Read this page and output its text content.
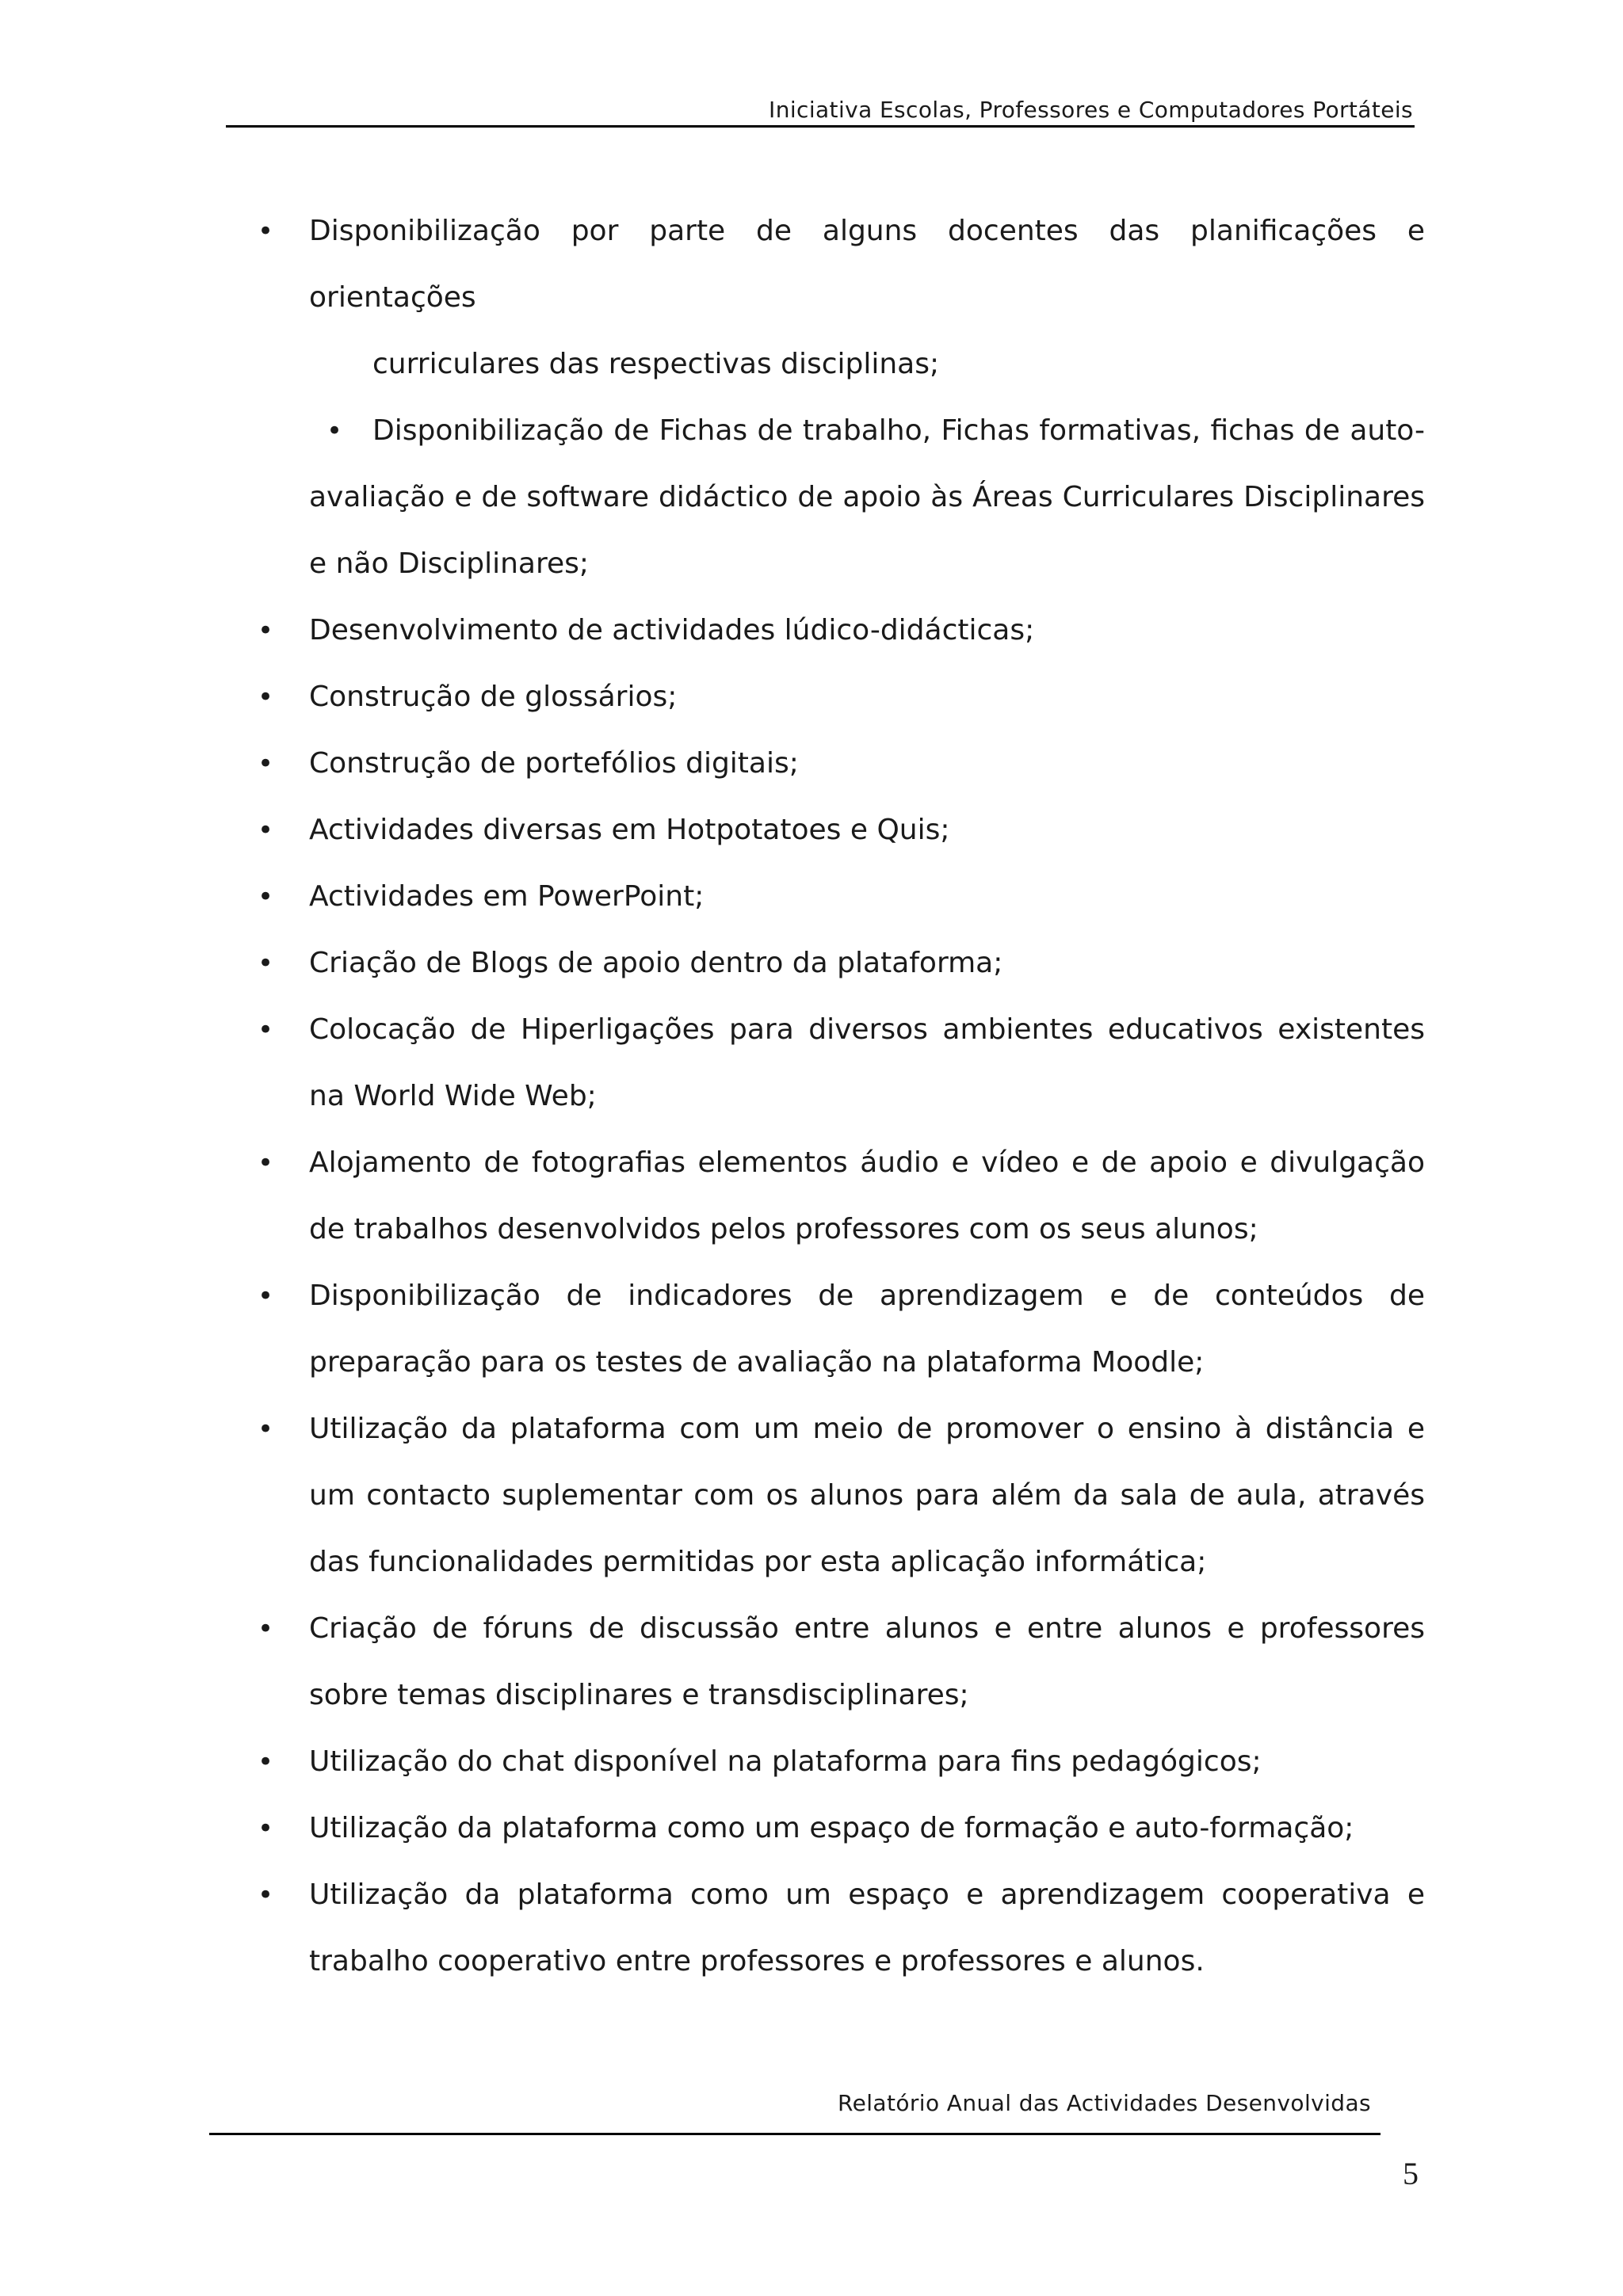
Iniciativa Escolas, Professores e Computadores Portáteis
• Disponibilização por parte de alguns docentes das planificações e orientações
curriculares das respectivas disciplinas;
• Disponibilização de Fichas de trabalho, Fichas formativas, fichas de auto-avaliação e de software didáctico de apoio às Áreas Curriculares Disciplinares e não Disciplinares;
• Desenvolvimento de actividades lúdico-didácticas;
• Construção de glossários;
• Construção de portefólios digitais;
• Actividades diversas em Hotpotatoes e Quis;
• Actividades em PowerPoint;
• Criação de Blogs de apoio dentro da plataforma;
• Colocação de Hiperligações para diversos ambientes educativos existentes na World Wide Web;
• Alojamento de fotografias elementos áudio e vídeo e de apoio e divulgação de trabalhos desenvolvidos pelos professores com os seus alunos;
• Disponibilização de indicadores de aprendizagem e de conteúdos de preparação para os testes de avaliação na plataforma Moodle;
• Utilização da plataforma com um meio de promover o ensino à distância e um contacto suplementar com os alunos para além da sala de aula, através das funcionalidades permitidas por esta aplicação informática;
• Criação de fóruns de discussão entre alunos e entre alunos e professores sobre temas disciplinares e transdisciplinares;
• Utilização do chat disponível na plataforma para fins pedagógicos;
• Utilização da plataforma como um espaço de formação e auto-formação;
• Utilização da plataforma como um espaço e aprendizagem cooperativa e trabalho cooperativo entre professores e professores e alunos.
Relatório Anual das Actividades Desenvolvidas
5
